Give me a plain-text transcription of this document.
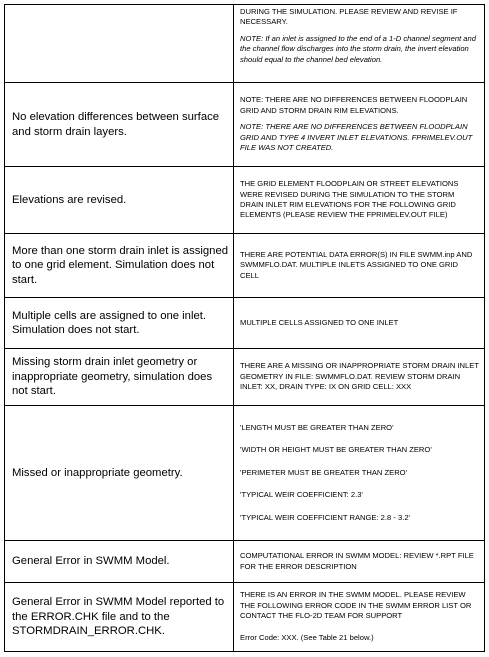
DURING THE SIMULATION. PLEASE REVIEW AND REVISE IF NECESSARY.

NOTE: If an inlet is assigned to the end of a 1-D channel segment and the channel flow discharges into the storm drain, the invert elevation should equal to the channel bed elevation.

No elevation differences between surface and storm drain layers.

NOTE: THERE ARE NO DIFFERENCES BETWEEN FLOODPLAIN GRID AND STORM DRAIN RIM ELEVATIONS.

NOTE: THERE ARE NO DIFFERENCES BETWEEN FLOODPLAIN GRID AND TYPE 4 INVERT INLET ELEVATIONS. FPRIMELEV.OUT FILE WAS NOT CREATED.

Elevations are revised.

THE GRID ELEMENT FLOODPLAIN OR STREET ELEVATIONS WERE REVISED DURING THE SIMULATION TO THE STORM DRAIN INLET RIM ELEVATIONS FOR THE FOLLOWING GRID ELEMENTS (PLEASE REVIEW THE FPRIMELEV.OUT FILE)

More than one storm drain inlet is assigned to one grid element. Simulation does not start.

THERE ARE POTENTIAL DATA ERROR(S) IN FILE SWMM.inp AND SWMMFLO.DAT. MULTIPLE INLETS ASSIGNED TO ONE GRID CELL

Multiple cells are assigned to one inlet. Simulation does not start.

MULTIPLE CELLS ASSIGNED TO ONE INLET

Missing storm drain inlet geometry or inappropriate geometry, simulation does not start.

THERE ARE A MISSING OR INAPPROPRIATE STORM DRAIN INLET GEOMETRY IN FILE: SWMMFLO.DAT. REVIEW STORM DRAIN INLET: XX, DRAIN TYPE: IX ON GRID CELL: XXX

Missed or inappropriate geometry.

'LENGTH MUST BE GREATER THAN ZERO'

'WIDTH OR HEIGHT MUST BE GREATER THAN ZERO'

'PERIMETER MUST BE GREATER THAN ZERO'

'TYPICAL WEIR COEFFICIENT: 2.3'

'TYPICAL WEIR COEFFICIENT RANGE: 2.8 - 3.2'

General Error in SWMM Model.	COMPUTATIONAL ERROR IN SWMM MODEL: REVIEW *.RPT FILE FOR THE ERROR DESCRIPTION

General Error in SWMM Model reported to the ERROR.CHK file and to the STORMDRAIN_ERROR.CHK.

THERE IS AN ERROR IN THE SWMM MODEL. PLEASE REVIEW THE FOLLOWING ERROR CODE IN THE SWMM ERROR LIST OR CONTACT THE FLO-2D TEAM FOR SUPPORT

Error Code: XXX. (See Table 21 below.)
